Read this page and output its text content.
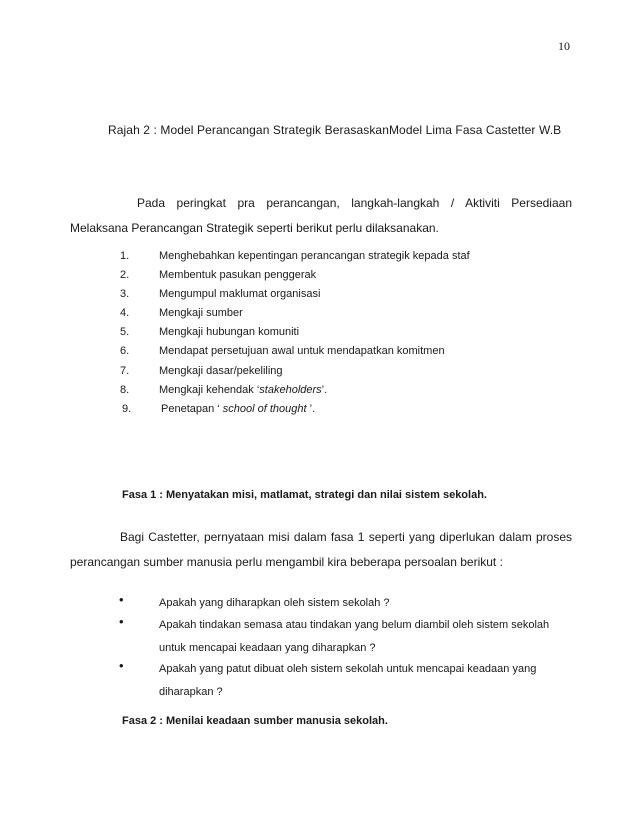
10
Rajah 2 : Model Perancangan Strategik BerasaskanModel Lima Fasa Castetter W.B
Pada peringkat pra perancangan, langkah-langkah / Aktiviti Persediaan Melaksana Perancangan Strategik seperti berikut perlu dilaksanakan.
1.	Menghebahkan kepentingan perancangan strategik kepada staf
2.	Membentuk pasukan penggerak
3.	Mengumpul maklumat organisasi
4.	Mengkaji sumber
5.	Mengkaji hubungan komuniti
6.	Mendapat persetujuan awal untuk mendapatkan komitmen
7.	Mengkaji dasar/pekeliling
8.	Mengkaji kehendak ‘stakeholders’.
9.	Penetapan ‘ school of thought ’.
Fasa 1 : Menyatakan misi, matlamat, strategi dan nilai sistem sekolah.
Bagi Castetter, pernyataan misi dalam fasa 1 seperti yang diperlukan dalam proses perancangan sumber manusia perlu mengambil kira beberapa persoalan berikut :
•	Apakah yang diharapkan oleh sistem sekolah ?
•	Apakah tindakan semasa atau tindakan yang belum diambil oleh sistem sekolah
untuk mencapai keadaan yang diharapkan ?
•	Apakah yang patut dibuat oleh sistem sekolah untuk mencapai keadaan yang
diharapkan ?
Fasa 2 : Menilai keadaan sumber manusia sekolah.
